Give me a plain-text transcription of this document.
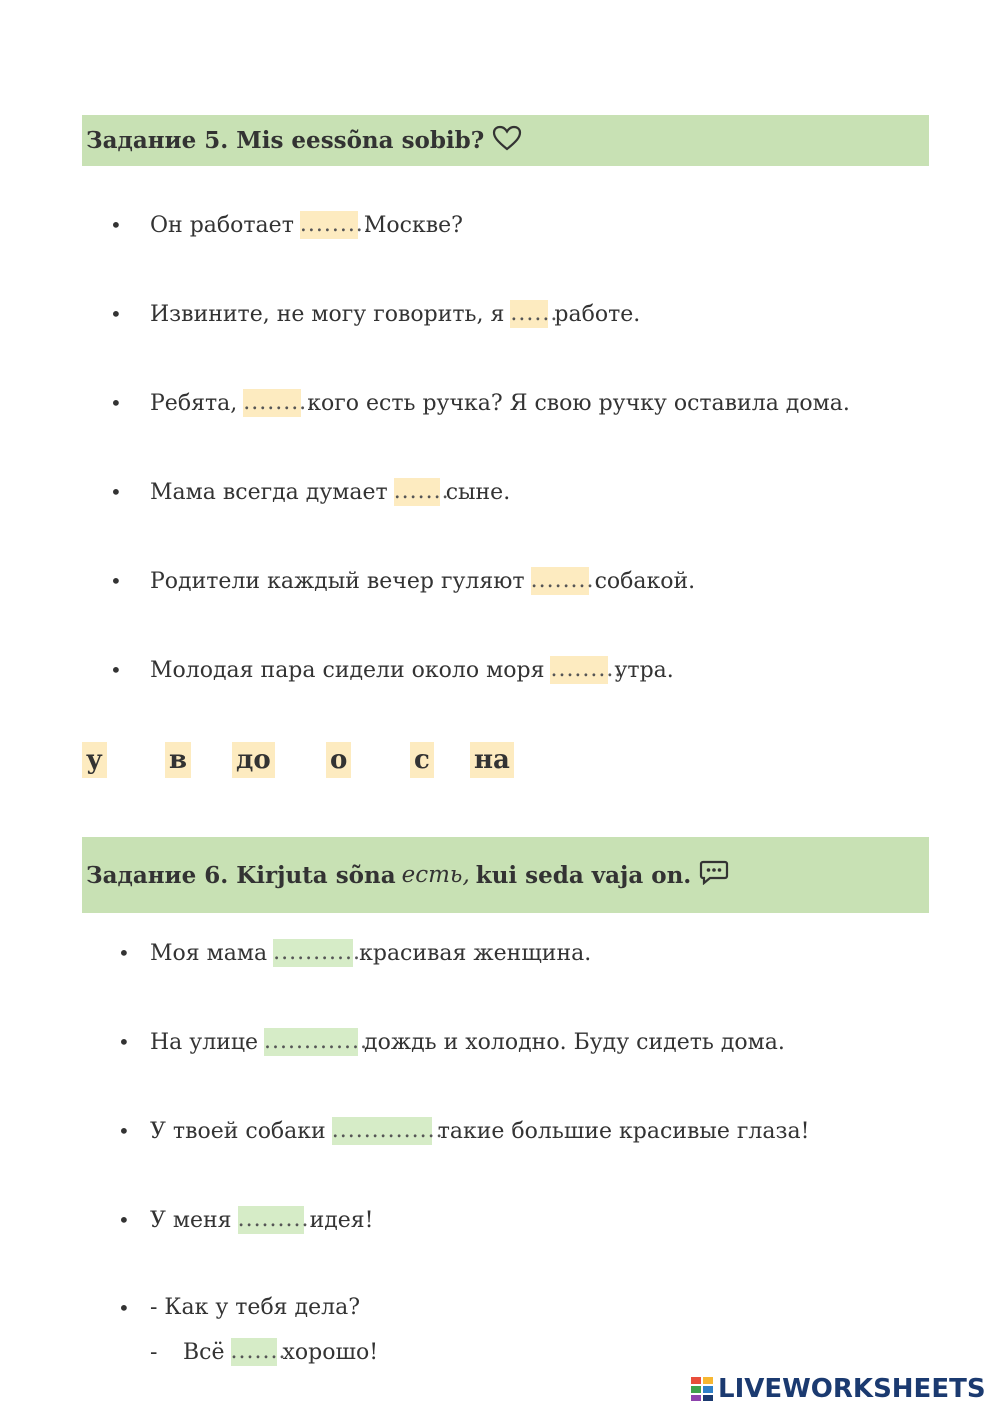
Задание 5. Mis eessõna sobib?
•	Он работает .........
Москве?
•	Извините, не могу говорить, я ......
работе.
•	Ребята, .........
кого есть ручка? Я свою ручку оставила дома.
•	Мама всегда думает .......
сыне.
•	Родители каждый вечер гуляют .........
собакой.
•	Молодая пара сидели около моря .........
утра.
у	в до о	с на
Задание 6. Kirjuta sõna есть, kui seda vaja on.
• Моя мама ...........
красивая женщина.
• На улице .............
дождь и холодно. Буду сидеть дома.
• У твоей собаки ..............
такие большие красивые глаза!
• У меня ..........
идея!
• - Как у тебя дела?
-	Всё .......
хорошо!
LIVEWORKSHEETS
